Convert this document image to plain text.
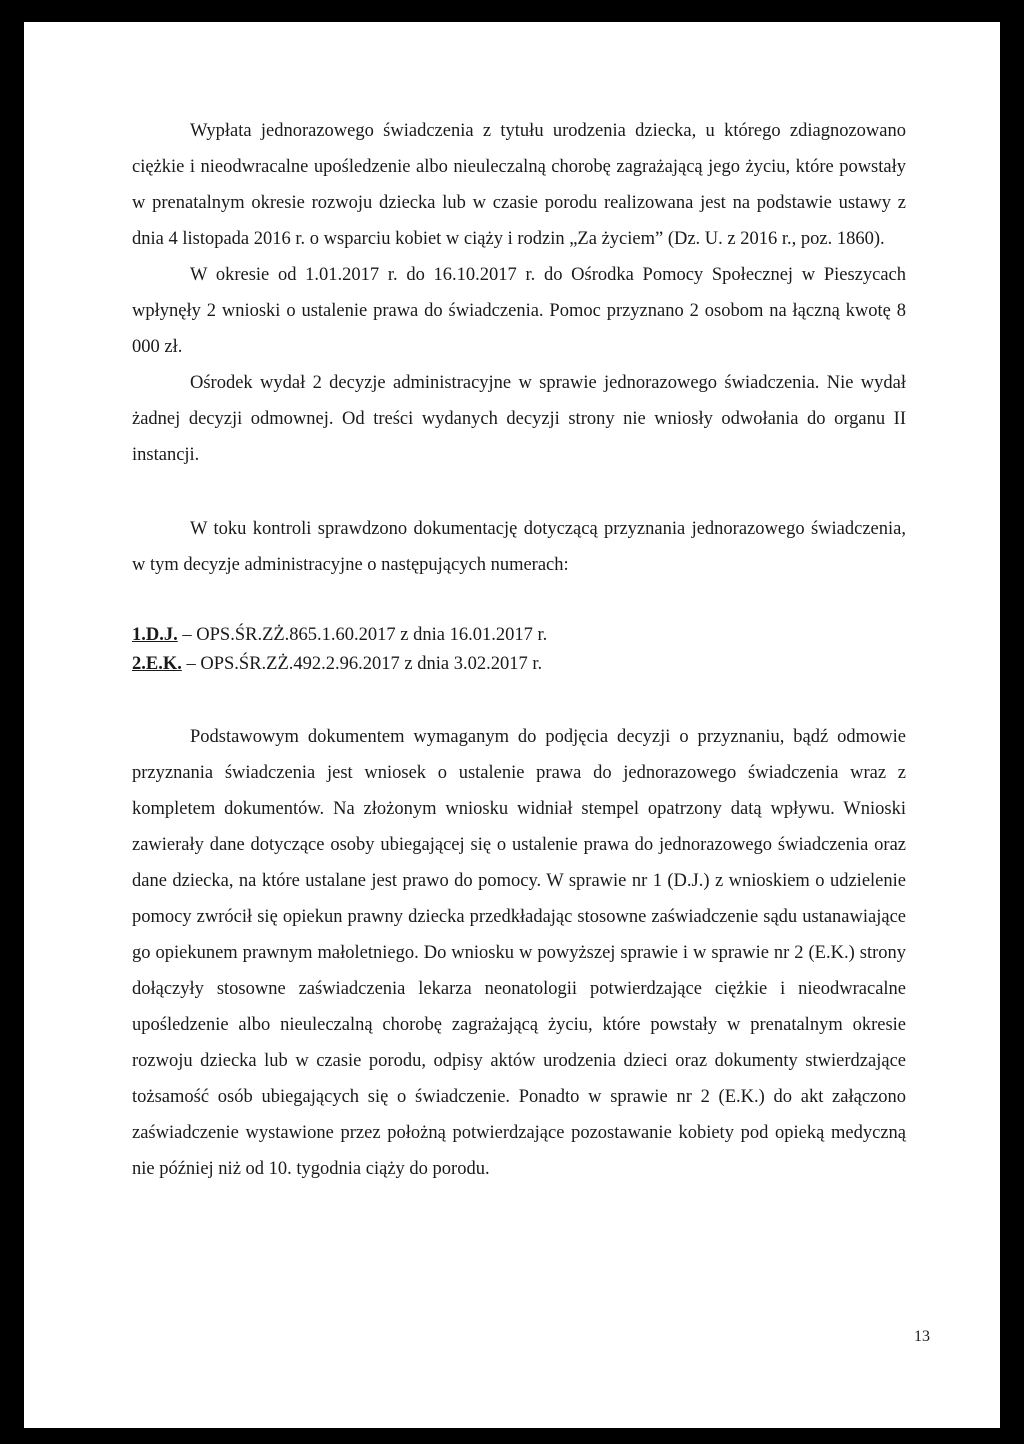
Wypłata jednorazowego świadczenia z tytułu urodzenia dziecka, u którego zdiagnozowano ciężkie i nieodwracalne upośledzenie albo nieuleczalną chorobę zagrażającą jego życiu, które powstały w prenatalnym okresie rozwoju dziecka lub w czasie porodu realizowana jest na podstawie ustawy z dnia 4 listopada 2016 r. o wsparciu kobiet w ciąży i rodzin „Za życiem” (Dz. U. z 2016 r., poz. 1860).

W okresie od 1.01.2017 r. do 16.10.2017 r. do Ośrodka Pomocy Społecznej w Pieszycach wpłynęły 2 wnioski o ustalenie prawa do świadczenia. Pomoc przyznano 2 osobom na łączną kwotę 8 000 zł.

Ośrodek wydał 2 decyzje administracyjne w sprawie jednorazowego świadczenia. Nie wydał żadnej decyzji odmownej. Od treści wydanych decyzji strony nie wniosły odwołania do organu II instancji.

W toku kontroli sprawdzono dokumentację dotyczącą przyznania jednorazowego świadczenia, w tym decyzje administracyjne o następujących numerach:

1.D.J. – OPS.ŚR.ZŻ.865.1.60.2017 z dnia 16.01.2017 r.

2.E.K. – OPS.ŚR.ZŻ.492.2.96.2017 z dnia 3.02.2017 r.

Podstawowym dokumentem wymaganym do podjęcia decyzji o przyznaniu, bądź odmowie przyznania świadczenia jest wniosek o ustalenie prawa do jednorazowego świadczenia wraz z kompletem dokumentów. Na złożonym wniosku widniał stempel opatrzony datą wpływu. Wnioski zawierały dane dotyczące osoby ubiegającej się o ustalenie prawa do jednorazowego świadczenia oraz dane dziecka, na które ustalane jest prawo do pomocy. W sprawie nr 1 (D.J.) z wnioskiem o udzielenie pomocy zwrócił się opiekun prawny dziecka przedkładając stosowne zaświadczenie sądu ustanawiające go opiekunem prawnym małoletniego. Do wniosku w powyższej sprawie i w sprawie nr 2 (E.K.) strony dołączyły stosowne zaświadczenia lekarza neonatologii potwierdzające ciężkie i nieodwracalne upośledzenie albo nieuleczalną chorobę zagrażającą życiu, które powstały w prenatalnym okresie rozwoju dziecka lub w czasie porodu, odpisy aktów urodzenia dzieci oraz dokumenty stwierdzające tożsamość osób ubiegających się o świadczenie. Ponadto w sprawie nr 2 (E.K.) do akt załączono zaświadczenie wystawione przez położną potwierdzające pozostawanie kobiety pod opieką medyczną nie później niż od 10. tygodnia ciąży do porodu.

13
